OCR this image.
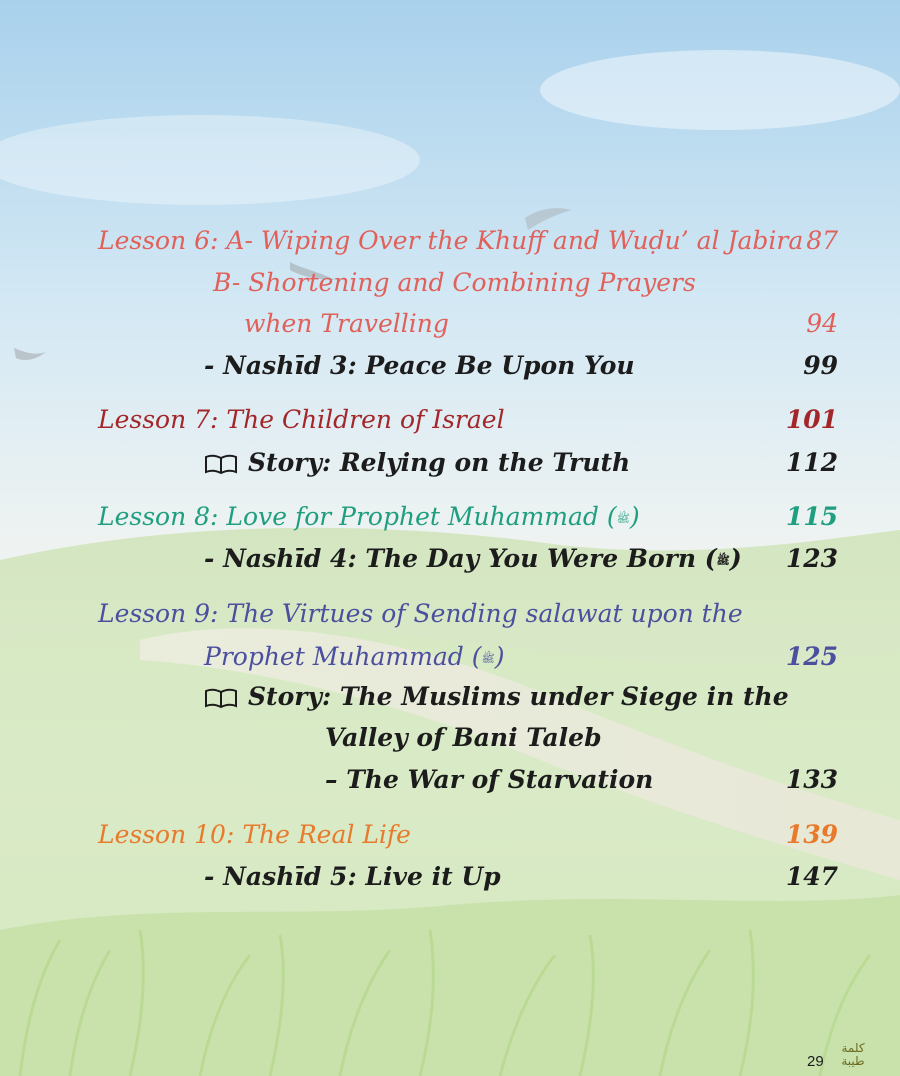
Lesson 6: A- Wiping Over the Khuff and Wuḍu’ al Jabira 87
B- Shortening and Combining Prayers
when Travelling	94
- Nashīd 3: Peace Be Upon You	99
Lesson 7: The Children of Israel	101
Story: Relying on the Truth	112
Lesson 8: Love for Prophet Muhammad (ﷺ)	115
- Nashīd 4: The Day You Were Born (ﷺ) 123
Lesson 9: The Virtues of Sending salawat upon the
Prophet Muhammad (ﷺ)	125
Story: The Muslims under Siege in the
Valley of Bani Taleb
– The War of Starvation	133
Lesson 10: The Real Life	139
- Nashīd 5: Live it Up	147
29
كلمة طيبة
